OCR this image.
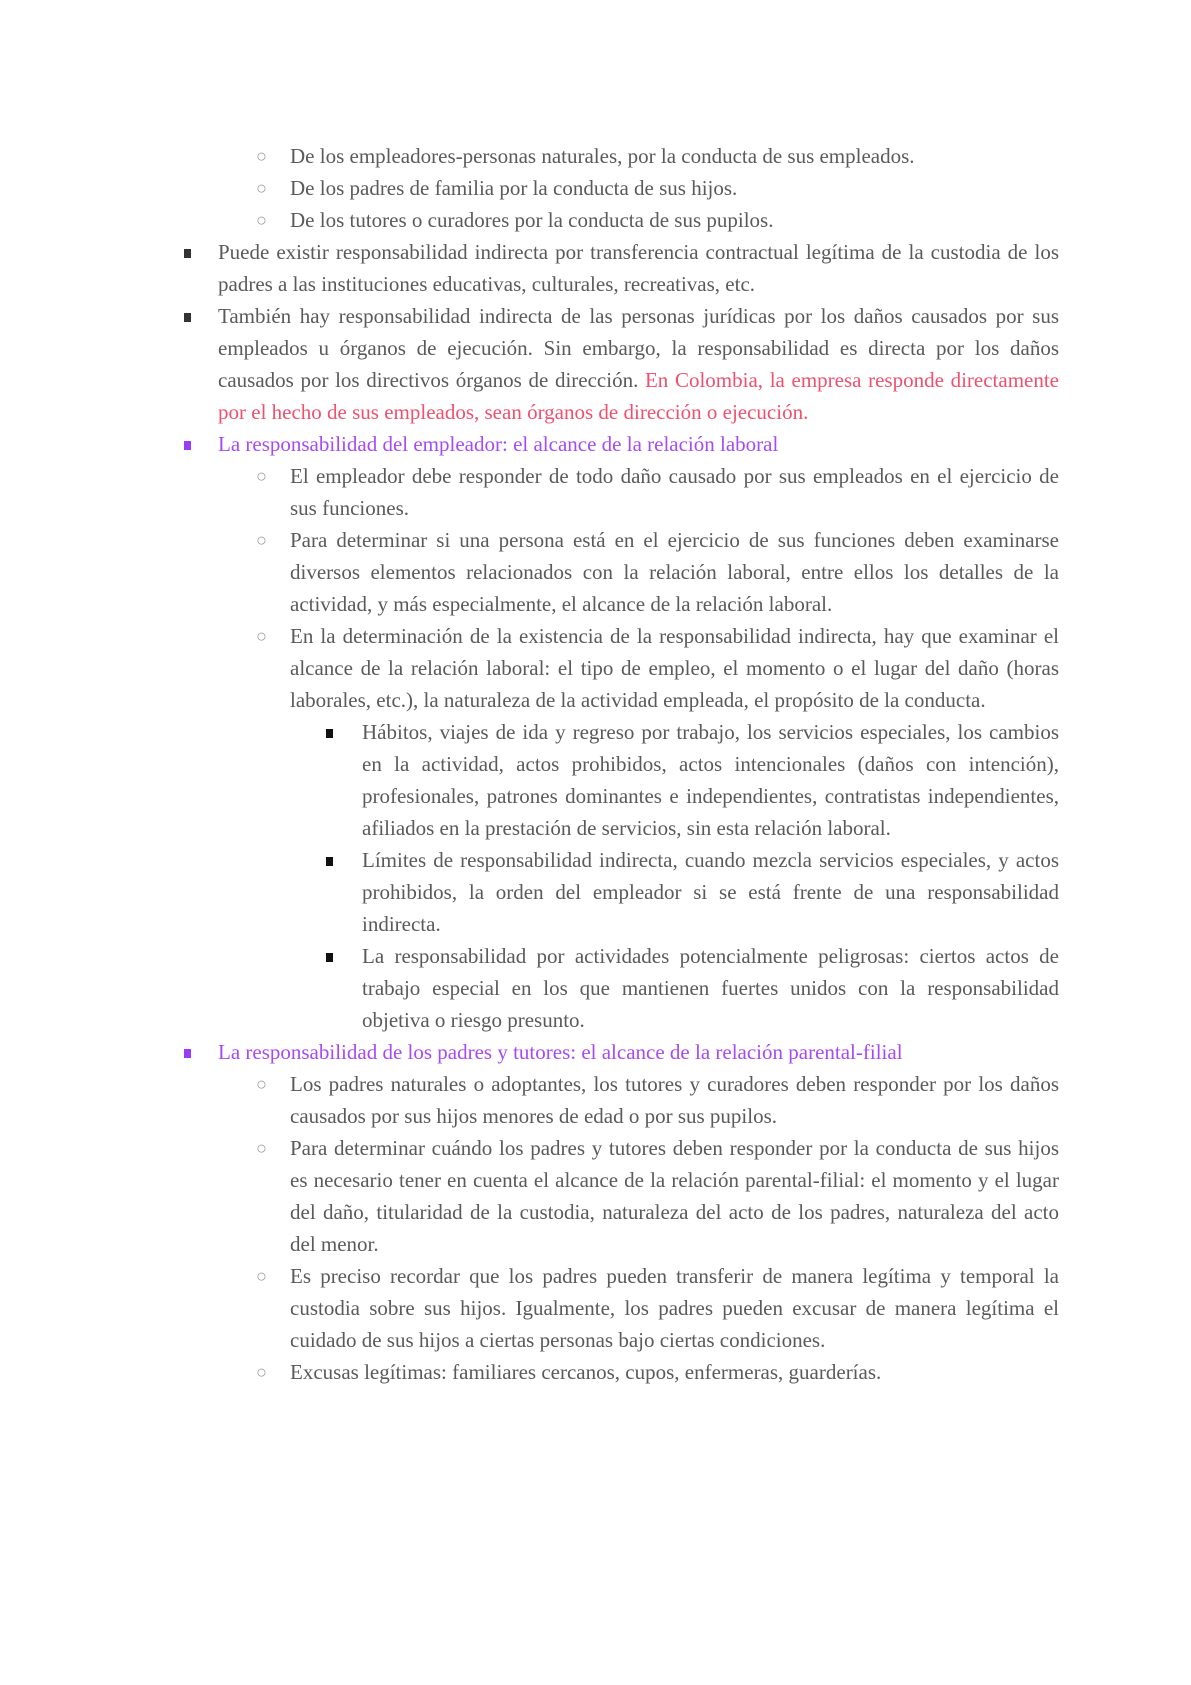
○ De los empleadores-personas naturales, por la conducta de sus empleados.
○ De los padres de familia por la conducta de sus hijos.
○ De los tutores o curadores por la conducta de sus pupilos.
Puede existir responsabilidad indirecta por transferencia contractual legítima de la custodia de los padres a las instituciones educativas, culturales, recreativas, etc.
También hay responsabilidad indirecta de las personas jurídicas por los daños causados por sus empleados u órganos de ejecución. Sin embargo, la responsabilidad es directa por los daños causados por los directivos órganos de dirección. En Colombia, la empresa responde directamente por el hecho de sus empleados, sean órganos de dirección o ejecución.
La responsabilidad del empleador: el alcance de la relación laboral
○ El empleador debe responder de todo daño causado por sus empleados en el ejercicio de sus funciones.
○ Para determinar si una persona está en el ejercicio de sus funciones deben examinarse diversos elementos relacionados con la relación laboral, entre ellos los detalles de la actividad, y más especialmente, el alcance de la relación laboral.
○ En la determinación de la existencia de la responsabilidad indirecta, hay que examinar el alcance de la relación laboral: el tipo de empleo, el momento o el lugar del daño (horas laborales, etc.), la naturaleza de la actividad empleada, el propósito de la conducta.
Hábitos, viajes de ida y regreso por trabajo, los servicios especiales, los cambios en la actividad, actos prohibidos, actos intencionales (daños con intención), profesionales, patrones dominantes e independientes, contratistas independientes, afiliados en la prestación de servicios, sin esta relación laboral.
Límites de responsabilidad indirecta, cuando mezcla servicios especiales, y actos prohibidos, la orden del empleador si se está frente de una responsabilidad indirecta.
La responsabilidad por actividades potencialmente peligrosas: ciertos actos de trabajo especial en los que mantienen fuertes unidos con la responsabilidad objetiva o riesgo presunto.
La responsabilidad de los padres y tutores: el alcance de la relación parental-filial
○ Los padres naturales o adoptantes, los tutores y curadores deben responder por los daños causados por sus hijos menores de edad o por sus pupilos.
○ Para determinar cuándo los padres y tutores deben responder por la conducta de sus hijos es necesario tener en cuenta el alcance de la relación parental-filial: el momento y el lugar del daño, titularidad de la custodia, naturaleza del acto de los padres, naturaleza del acto del menor.
○ Es preciso recordar que los padres pueden transferir de manera legítima y temporal la custodia sobre sus hijos. Igualmente, los padres pueden excusar de manera legítima el cuidado de sus hijos a ciertas personas bajo ciertas condiciones.
○ Excusas legítimas: familiares cercanos, cupos, enfermeras, guarderías.
